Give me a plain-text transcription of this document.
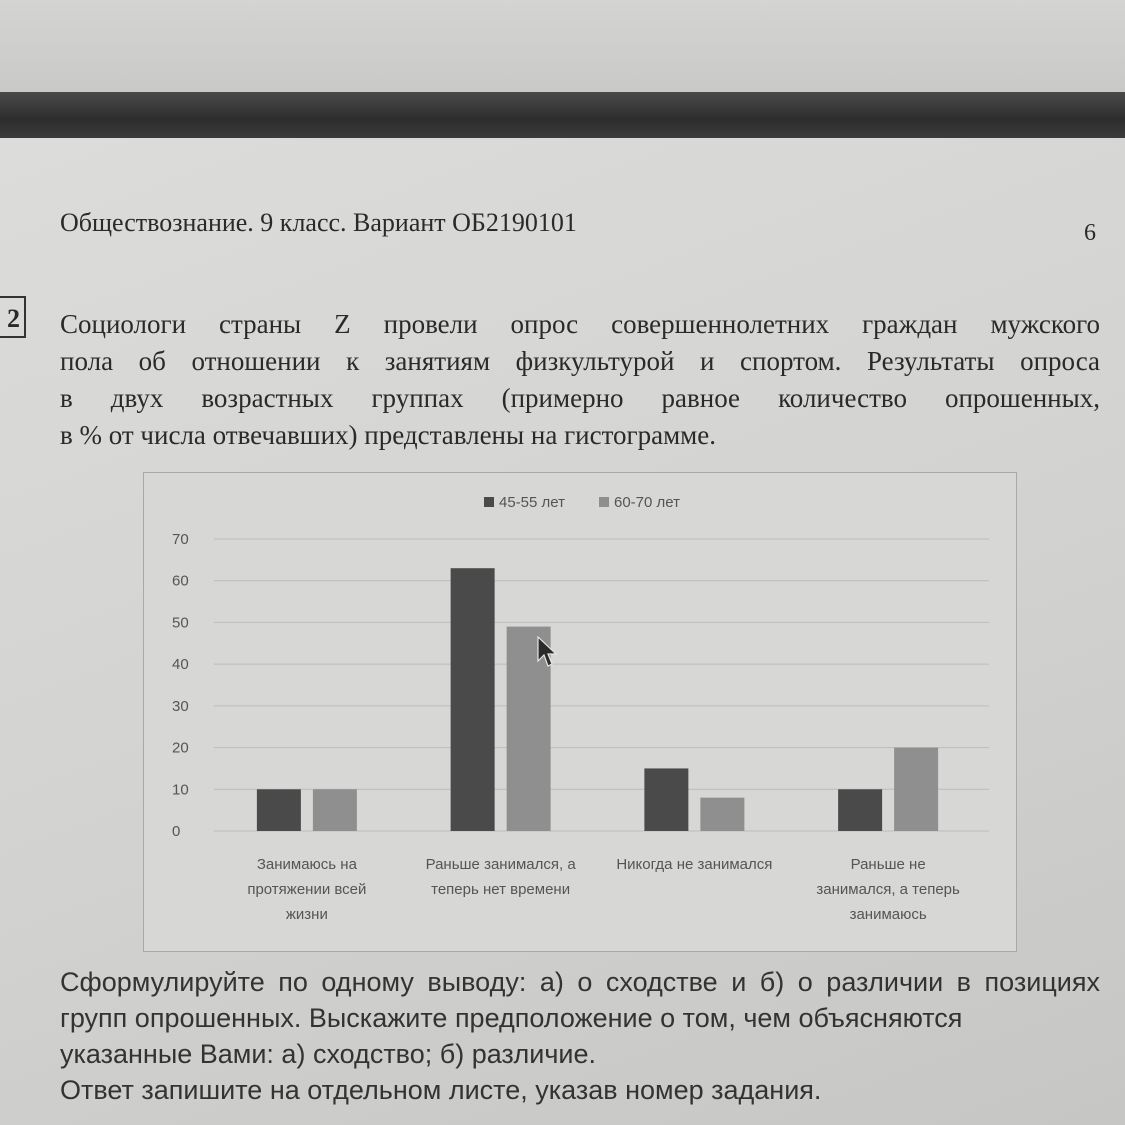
Обществознание. 9 класс. Вариант ОБ2190101	6
2 Социологи страны Z провели опрос совершеннолетних граждан мужского
пола об отношении к занятиям физкультурой и спортом. Результаты опроса
в двух возрастных группах (примерно равное количество опрошенных,
в % от числа отвечавших) представлены на гистограмме.
45-55 лет	60-70 лет
70
60
50
40
30
20
10
0
Занимаюсь на
протяжении всей
жизни
Раньше занимался, а
теперь нет времени
Никогда не занимался	Раньше не
занимался, а теперь
занимаюсь
Сформулируйте по одному выводу: а) о сходстве и б) о различии в позициях
групп опрошенных. Выскажите предположение о том, чем объясняются
указанные Вами: а) сходство; б) различие.
Ответ запишите на отдельном листе, указав номер задания.
